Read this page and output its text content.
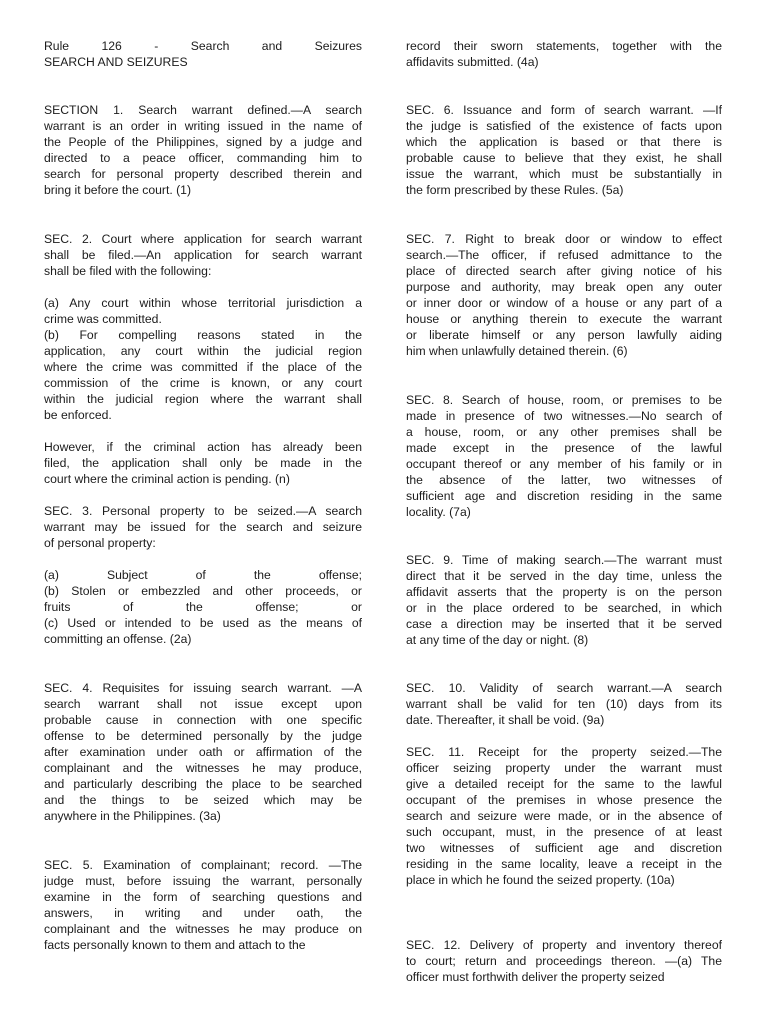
Rule 126 - Search and Seizures
SEARCH AND SEIZURES
SECTION 1. Search warrant defined.—A search
warrant is an order in writing issued in the name of
the People of the Philippines, signed by a judge and
directed to a peace officer, commanding him to
search for personal property described therein and
bring it before the court. (1)
SEC. 2. Court where application for search warrant
shall be filed.—An application for search warrant
shall be filed with the following:
(a) Any court within whose territorial jurisdiction a
crime was committed.
(b) For compelling reasons stated in the
application, any court within the judicial region
where the crime was committed if the place of the
commission of the crime is known, or any court
within the judicial region where the warrant shall
be enforced.
However, if the criminal action has already been
filed, the application shall only be made in the
court where the criminal action is pending. (n)
SEC. 3. Personal property to be seized.—A search
warrant may be issued for the search and seizure
of personal property:
(a) Subject of the offense;
(b) Stolen or embezzled and other proceeds, or
fruits of the offense; or
(c) Used or intended to be used as the means of
committing an offense. (2a)
SEC. 4. Requisites for issuing search warrant. —A
search warrant shall not issue except upon
probable cause in connection with one specific
offense to be determined personally by the judge
after examination under oath or affirmation of the
complainant and the witnesses he may produce,
and particularly describing the place to be searched
and the things to be seized which may be
anywhere in the Philippines. (3a)
SEC. 5. Examination of complainant; record. —The
judge must, before issuing the warrant, personally
examine in the form of searching questions and
answers, in writing and under oath, the
complainant and the witnesses he may produce on
facts personally known to them and attach to the
record their sworn statements, together with the
affidavits submitted. (4a)
SEC. 6. Issuance and form of search warrant. —If
the judge is satisfied of the existence of facts upon
which the application is based or that there is
probable cause to believe that they exist, he shall
issue the warrant, which must be substantially in
the form prescribed by these Rules. (5a)
SEC. 7. Right to break door or window to effect
search.—The officer, if refused admittance to the
place of directed search after giving notice of his
purpose and authority, may break open any outer
or inner door or window of a house or any part of a
house or anything therein to execute the warrant
or liberate himself or any person lawfully aiding
him when unlawfully detained therein. (6)
SEC. 8. Search of house, room, or premises to be
made in presence of two witnesses.—No search of
a house, room, or any other premises shall be
made except in the presence of the lawful
occupant thereof or any member of his family or in
the absence of the latter, two witnesses of
sufficient age and discretion residing in the same
locality. (7a)
SEC. 9. Time of making search.—The warrant must
direct that it be served in the day time, unless the
affidavit asserts that the property is on the person
or in the place ordered to be searched, in which
case a direction may be inserted that it be served
at any time of the day or night. (8)
SEC. 10. Validity of search warrant.—A search
warrant shall be valid for ten (10) days from its
date. Thereafter, it shall be void. (9a)
SEC. 11. Receipt for the property seized.—The
officer seizing property under the warrant must
give a detailed receipt for the same to the lawful
occupant of the premises in whose presence the
search and seizure were made, or in the absence of
such occupant, must, in the presence of at least
two witnesses of sufficient age and discretion
residing in the same locality, leave a receipt in the
place in which he found the seized property. (10a)
SEC. 12. Delivery of property and inventory thereof
to court; return and proceedings thereon. —(a) The
officer must forthwith deliver the property seized
